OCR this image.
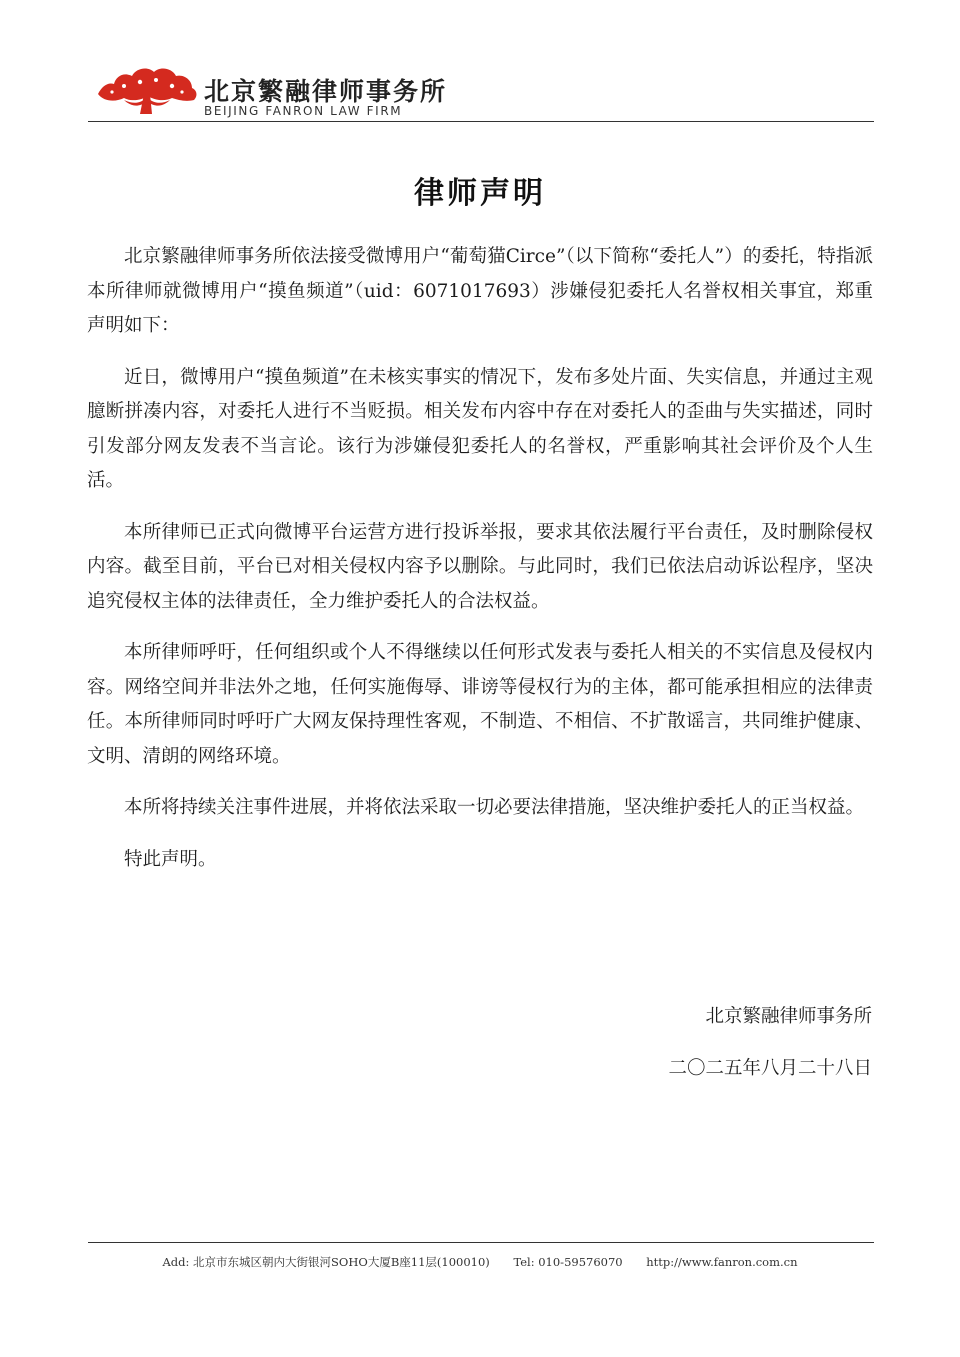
北京繁融律师事务所
BEIJING FANRON LAW FIRM
律师声明

北京繁融律师事务所依法接受微博用户“葡萄猫Circe”（以下简称“委托人”）的委托，特指派本所律师就微博用户“摸鱼频道”（uid：6071017693）涉嫌侵犯委托人名誉权相关事宜，郑重声明如下：

近日，微博用户“摸鱼频道”在未核实事实的情况下，发布多处片面、失实信息，并通过主观臆断拼凑内容，对委托人进行不当贬损。相关发布内容中存在对委托人的歪曲与失实描述，同时引发部分网友发表不当言论。该行为涉嫌侵犯委托人的名誉权，严重影响其社会评价及个人生活。

本所律师已正式向微博平台运营方进行投诉举报，要求其依法履行平台责任，及时删除侵权内容。截至目前，平台已对相关侵权内容予以删除。与此同时，我们已依法启动诉讼程序，坚决追究侵权主体的法律责任，全力维护委托人的合法权益。

本所律师呼吁，任何组织或个人不得继续以任何形式发表与委托人相关的不实信息及侵权内容。网络空间并非法外之地，任何实施侮辱、诽谤等侵权行为的主体，都可能承担相应的法律责任。本所律师同时呼吁广大网友保持理性客观，不制造、不相信、不扩散谣言，共同维护健康、文明、清朗的网络环境。

本所将持续关注事件进展，并将依法采取一切必要法律措施，坚决维护委托人的正当权益。

特此声明。

北京繁融律师事务所
二〇二五年八月二十八日
Add: 北京市东城区朝内大街银河SOHO大厦B座11层(100010) Tel: 010-59576070 http://www.fanron.com.cn
